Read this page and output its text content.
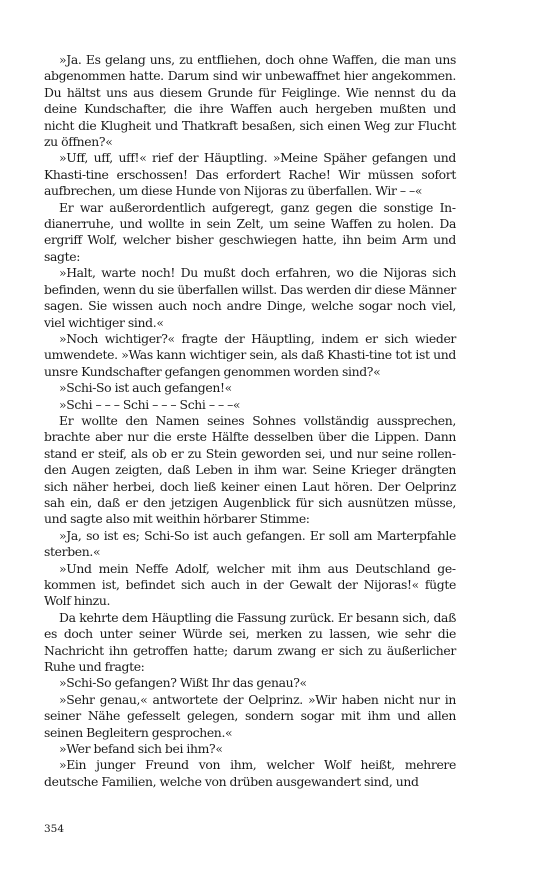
»Ja. Es gelang uns, zu entfliehen, doch ohne Waffen, die man uns abgenommen hatte. Darum sind wir unbewaffnet hier angekommen. Du hältst uns aus diesem Grunde für Feiglinge. Wie nennst du da deine Kundschafter, die ihre Waffen auch hergeben mußten und nicht die Klugheit und Thatkraft besaßen, sich einen Weg zur Flucht zu öffnen?«

»Uff, uff, uff!« rief der Häuptling. »Meine Späher gefangen und Khasti-tine erschossen! Das erfordert Rache! Wir müssen sofort aufbrechen, um diese Hunde von Nijoras zu überfallen. Wir – –«

Er war außerordentlich aufgeregt, ganz gegen die sonstige Indianerruhe, und wollte in sein Zelt, um seine Waffen zu holen. Da ergriff Wolf, welcher bisher geschwiegen hatte, ihn beim Arm und sagte:

»Halt, warte noch! Du mußt doch erfahren, wo die Nijoras sich befinden, wenn du sie überfallen willst. Das werden dir diese Männer sagen. Sie wissen auch noch andre Dinge, welche sogar noch viel, viel wichtiger sind.«

»Noch wichtiger?« fragte der Häuptling, indem er sich wieder umwendete. »Was kann wichtiger sein, als daß Khasti-tine tot ist und unsre Kundschafter gefangen genommen worden sind?«

»Schi-So ist auch gefangen!«

»Schi – – – Schi – – – Schi – – –«

Er wollte den Namen seines Sohnes vollständig aussprechen, brachte aber nur die erste Hälfte desselben über die Lippen. Dann stand er steif, als ob er zu Stein geworden sei, und nur seine rollenden Augen zeigten, daß Leben in ihm war. Seine Krieger drängten sich näher herbei, doch ließ keiner einen Laut hören. Der Oelprinz sah ein, daß er den jetzigen Augenblick für sich ausnützen müsse, und sagte also mit weithin hörbarer Stimme:

»Ja, so ist es; Schi-So ist auch gefangen. Er soll am Marterpfahle sterben.«

»Und mein Neffe Adolf, welcher mit ihm aus Deutschland gekommen ist, befindet sich auch in der Gewalt der Nijoras!« fügte Wolf hinzu.

Da kehrte dem Häuptling die Fassung zurück. Er besann sich, daß es doch unter seiner Würde sei, merken zu lassen, wie sehr die Nachricht ihn getroffen hatte; darum zwang er sich zu äußerlicher Ruhe und fragte:

»Schi-So gefangen? Wißt Ihr das genau?«

»Sehr genau,« antwortete der Oelprinz. »Wir haben nicht nur in seiner Nähe gefesselt gelegen, sondern sogar mit ihm und allen seinen Begleitern gesprochen.«

»Wer befand sich bei ihm?«

»Ein junger Freund von ihm, welcher Wolf heißt, mehrere deutsche Familien, welche von drüben ausgewandert sind, und

354
